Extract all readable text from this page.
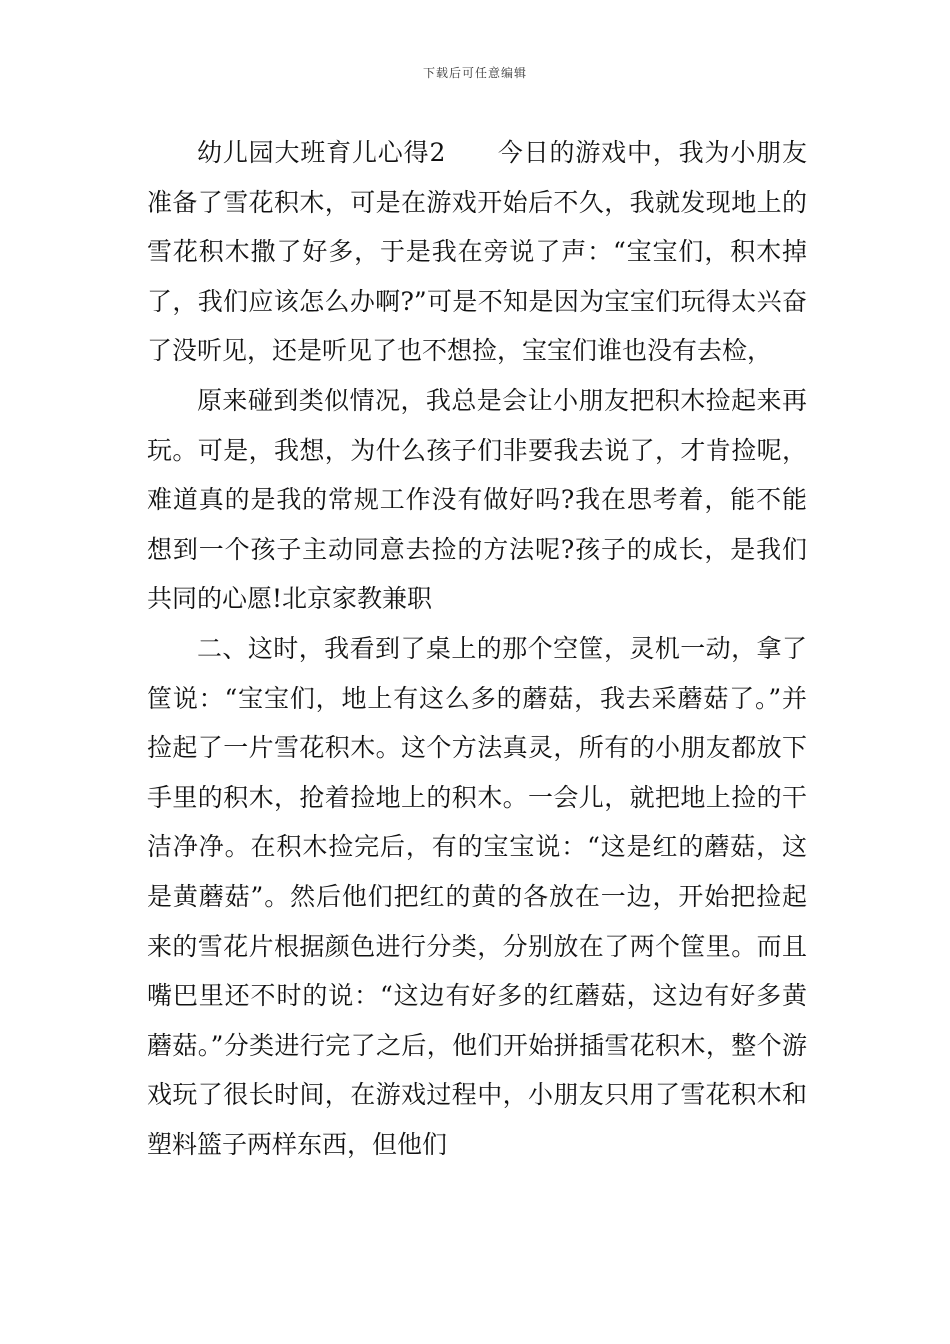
下载后可任意编辑

幼儿园大班育儿心得2　　今日的游戏中，我为小朋友准备了雪花积木，可是在游戏开始后不久，我就发现地上的雪花积木撒了好多，于是我在旁说了声：“宝宝们，积木掉了，我们应该怎么办啊?”可是不知是因为宝宝们玩得太兴奋了没听见，还是听见了也不想捡，宝宝们谁也没有去检，

原来碰到类似情况，我总是会让小朋友把积木捡起来再玩。可是，我想，为什么孩子们非要我去说了，才肯捡呢，难道真的是我的常规工作没有做好吗?我在思考着，能不能想到一个孩子主动同意去捡的方法呢?孩子的成长，是我们共同的心愿!北京家教兼职

二、这时，我看到了桌上的那个空筐，灵机一动，拿了筐说：“宝宝们，地上有这么多的蘑菇，我去采蘑菇了。”并捡起了一片雪花积木。这个方法真灵，所有的小朋友都放下手里的积木，抢着捡地上的积木。一会儿，就把地上捡的干洁净净。在积木捡完后，有的宝宝说：“这是红的蘑菇，这是黄蘑菇”。然后他们把红的黄的各放在一边，开始把捡起来的雪花片根据颜色进行分类，分别放在了两个筐里。而且嘴巴里还不时的说：“这边有好多的红蘑菇，这边有好多黄蘑菇。”分类进行完了之后，他们开始拼插雪花积木，整个游戏玩了很长时间，在游戏过程中，小朋友只用了雪花积木和塑料篮子两样东西，但他们
